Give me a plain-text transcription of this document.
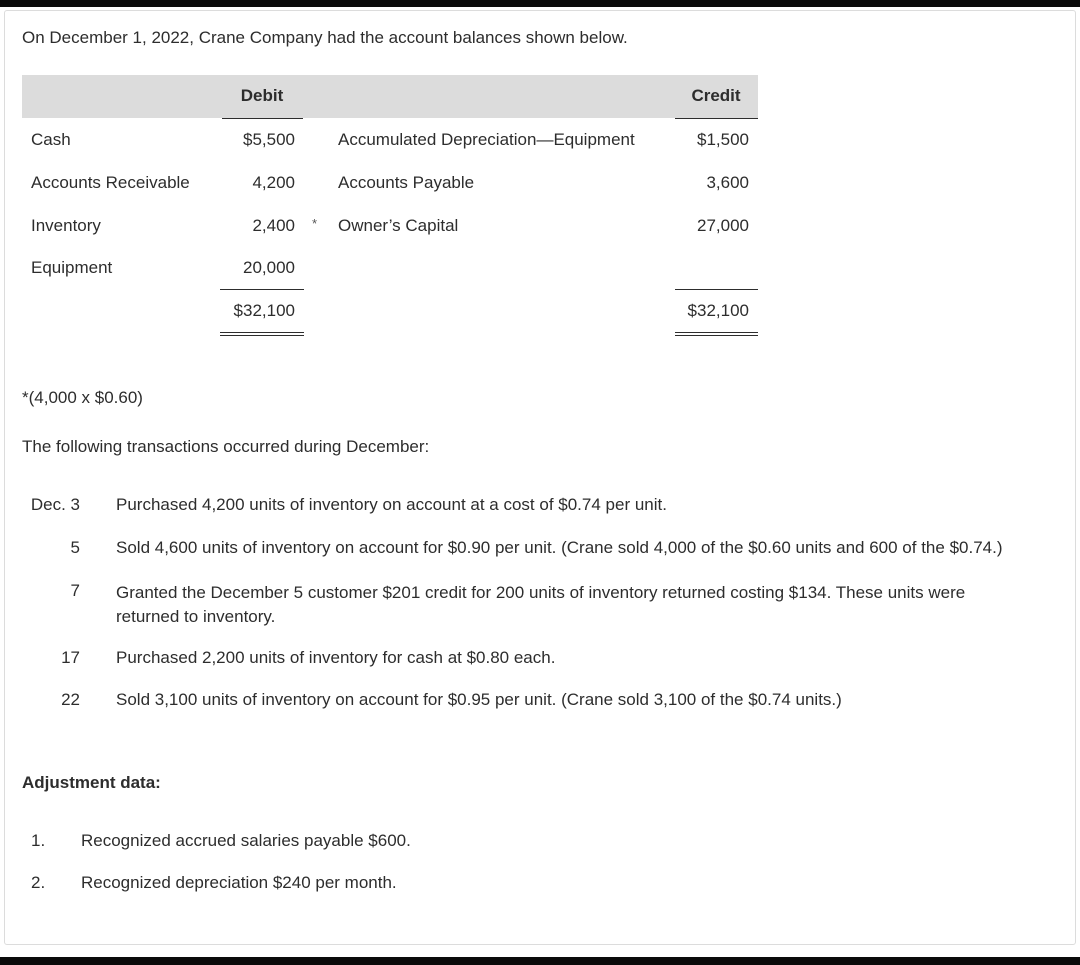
On December 1, 2022, Crane Company had the account balances shown below.
Debit	Credit
Cash	$5,500	Accumulated Depreciation—Equipment	$1,500
Accounts Receivable	4,200	Accounts Payable	3,600
Inventory	2,400 * Owner’s Capital	27,000
Equipment	20,000
$32,100	$32,100
*(4,000 x $0.60)
The following transactions occurred during December:
Dec. 3 Purchased 4,200 units of inventory on account at a cost of $0.74 per unit.
5 Sold 4,600 units of inventory on account for $0.90 per unit. (Crane sold 4,000 of the $0.60 units and 600 of the $0.74.)
7 Granted the December 5 customer $201 credit for 200 units of inventory returned costing $134. These units were returned to inventory.
17 Purchased 2,200 units of inventory for cash at $0.80 each.
22 Sold 3,100 units of inventory on account for $0.95 per unit. (Crane sold 3,100 of the $0.74 units.)
Adjustment data:
1. Recognized accrued salaries payable $600.
2. Recognized depreciation $240 per month.
